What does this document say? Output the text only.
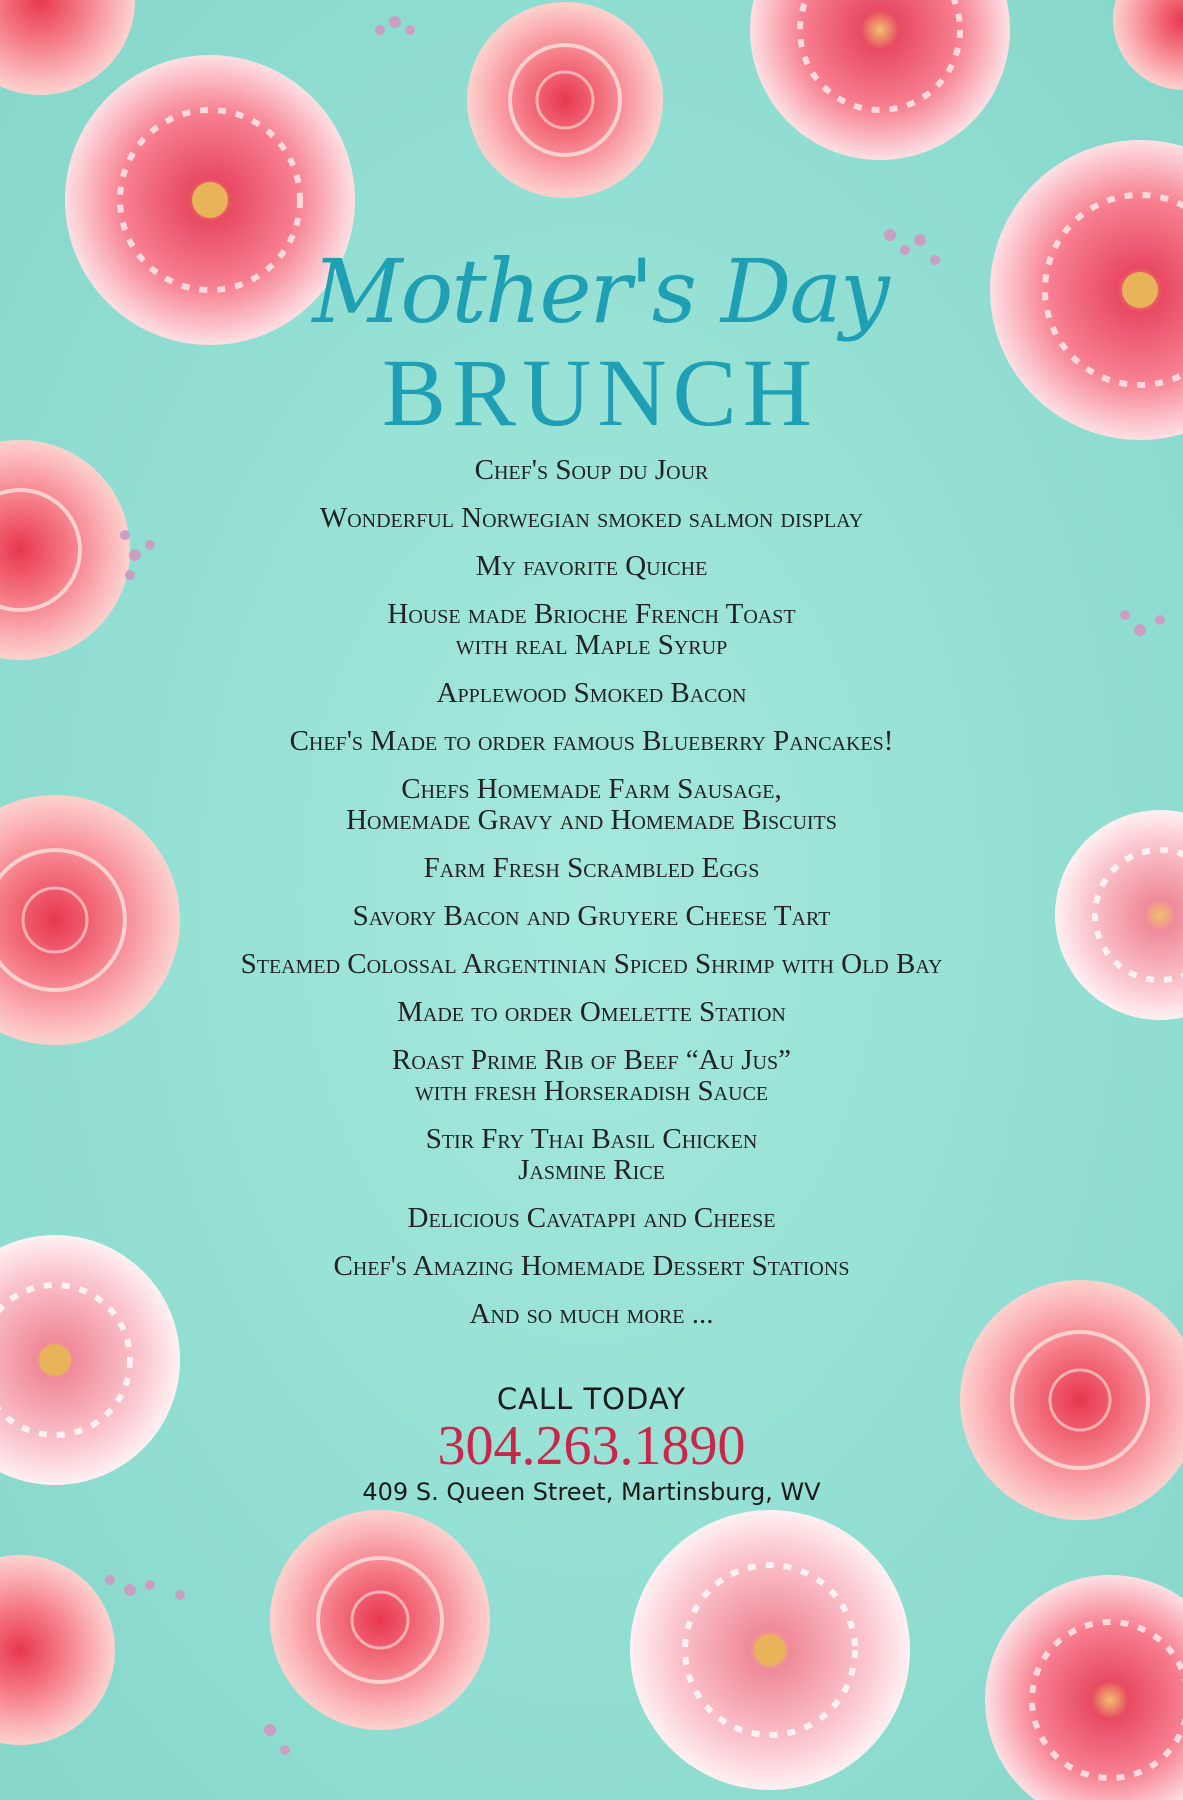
Mother's Day
BRUNCH
Chef's Soup du Jour
Wonderful Norwegian smoked salmon display
My favorite Quiche
House made Brioche French Toast
with real Maple Syrup
Applewood Smoked Bacon
Chef's Made to order famous Blueberry Pancakes!
Chefs Homemade Farm Sausage,
Homemade Gravy and Homemade Biscuits
Farm Fresh Scrambled Eggs
Savory Bacon and Gruyere Cheese Tart
Steamed Colossal Argentinian Spiced Shrimp with Old Bay
Made to order Omelette Station
Roast Prime Rib of Beef “Au Jus”
with fresh Horseradish Sauce
Stir Fry Thai Basil Chicken
Jasmine Rice
Delicious Cavatappi and Cheese
Chef's Amazing Homemade Dessert Stations
And so much more ...
CALL TODAY
304.263.1890
409 S. Queen Street, Martinsburg, WV
